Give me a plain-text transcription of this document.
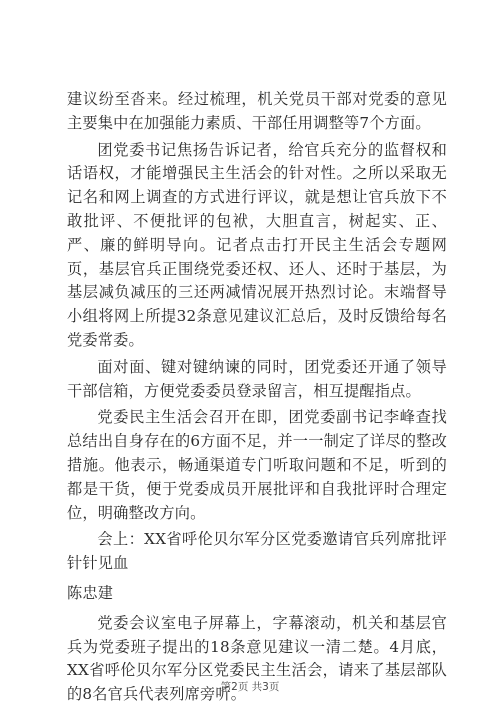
建议纷至沓来。经过梳理，机关党员干部对党委的意见主要集中在加强能力素质、干部任用调整等7个方面。

团党委书记焦扬告诉记者，给官兵充分的监督权和话语权，才能增强民主生活会的针对性。之所以采取无记名和网上调查的方式进行评议，就是想让官兵放下不敢批评、不便批评的包袱，大胆直言，树起实、正、严、廉的鲜明导向。记者点击打开民主生活会专题网页，基层官兵正围绕党委还权、还人、还时于基层，为基层减负减压的三还两减情况展开热烈讨论。末端督导小组将网上所提32条意见建议汇总后，及时反馈给每名党委常委。

面对面、键对键纳谏的同时，团党委还开通了领导干部信箱，方便党委委员登录留言，相互提醒指点。

党委民主生活会召开在即，团党委副书记李峰查找总结出自身存在的6方面不足，并一一制定了详尽的整改措施。他表示，畅通渠道专门听取问题和不足，听到的都是干货，便于党委成员开展批评和自我批评时合理定位，明确整改方向。

会上：XX省呼伦贝尔军分区党委邀请官兵列席批评针针见血

陈忠建

党委会议室电子屏幕上，字幕滚动，机关和基层官兵为党委班子提出的18条意见建议一清二楚。4月底，XX省呼伦贝尔军分区党委民主生活会，请来了基层部队的8名官兵代表列席旁听。

第2页 共3页
